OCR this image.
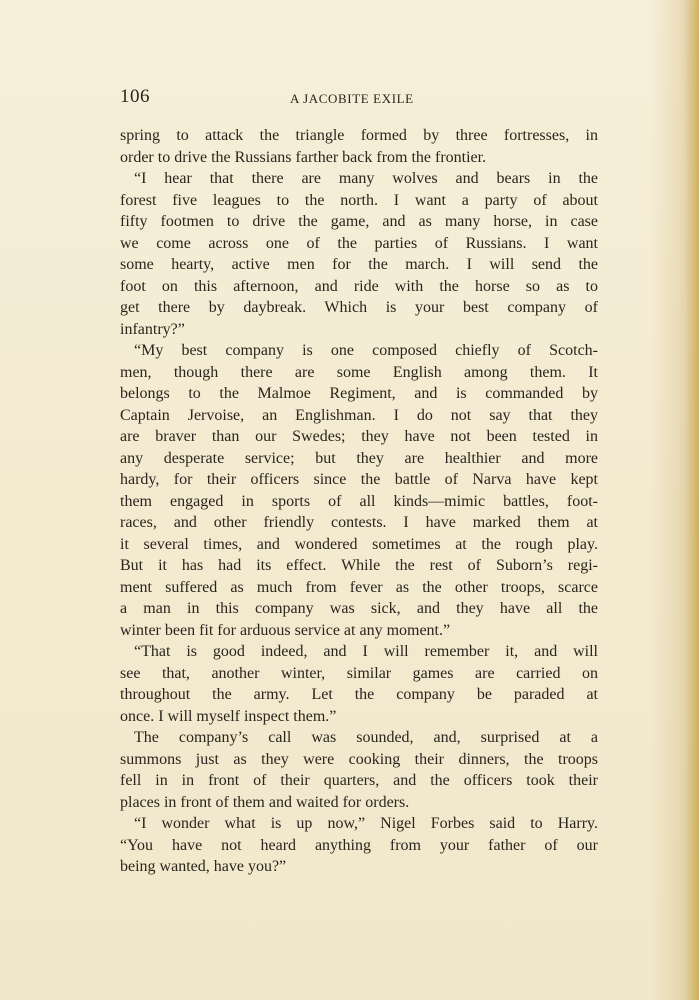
106	A JACOBITE EXILE
spring to attack the triangle formed by three fortresses, in
order to drive the Russians farther back from the frontier.
“I hear that there are many wolves and bears in the
forest five leagues to the north. I want a party of about
fifty footmen to drive the game, and as many horse, in case
we come across one of the parties of Russians. I want
some hearty, active men for the march. I will send the
foot on this afternoon, and ride with the horse so as to
get there by daybreak. Which is your best company of
infantry?”
“My best company is one composed chiefly of Scotch-
men, though there are some English among them. It
belongs to the Malmoe Regiment, and is commanded by
Captain Jervoise, an Englishman. I do not say that they
are braver than our Swedes; they have not been tested in
any desperate service; but they are healthier and more
hardy, for their officers since the battle of Narva have kept
them engaged in sports of all kinds—mimic battles, foot-
races, and other friendly contests. I have marked them at
it several times, and wondered sometimes at the rough play.
But it has had its effect. While the rest of Suborn’s regi-
ment suffered as much from fever as the other troops, scarce
a man in this company was sick, and they have all the
winter been fit for arduous service at any moment.”
“That is good indeed, and I will remember it, and will
see that, another winter, similar games are carried on
throughout the army. Let the company be paraded at
once. I will myself inspect them.”
The company’s call was sounded, and, surprised at a
summons just as they were cooking their dinners, the troops
fell in in front of their quarters, and the officers took their
places in front of them and waited for orders.
“I wonder what is up now,” Nigel Forbes said to Harry.
“You have not heard anything from your father of our
being wanted, have you?”
